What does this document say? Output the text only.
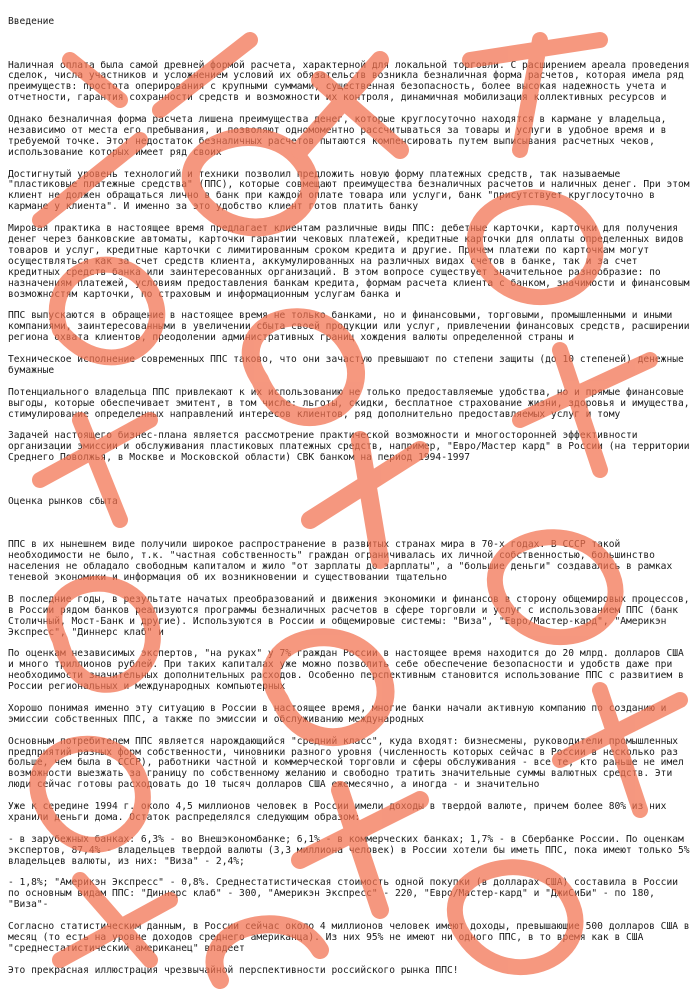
Введение

Наличная оплата была самой древней формой расчета, характерной для локальной торговли. С расширением ареала проведения сделок, числа участников и усложнением условий их обязательств возникла безналичная форма расчетов, которая имела ряд преимуществ: простота оперирования с крупными суммами, существенная безопасность, более высокая надежность учета и отчетности, гарантия сохранности средств и возможности их контроля, динамичная мобилизация коллективных ресурсов и

Однако безналичная форма расчета лишена преимущества денег, которые круглосуточно находятся в кармане у владельца, независимо от места его пребывания, и позволяют одномоментно рассчитываться за товары и услуги в удобное время и в требуемой точке. Этот недостаток безналичных расчетов пытаются компенсировать путем выписывания расчетных чеков, использование которых имеет ряд своих

Достигнутый уровень технологий и техники позволил предложить новую форму платежных средств, так называемые "пластиковые платежные средства" (ППС), которые совмещают преимущества безналичных расчетов и наличных денег. При этом клиент не должен обращаться лично в банк при каждой оплате товара или услуги, банк "присутствует круглосуточно в кармане у клиента". И именно за это удобство клиент готов платить банку

Мировая практика в настоящее время предлагает клиентам различные виды ППС: дебетные карточки, карточки для получения денег через банковские автоматы, карточки гарантии чековых платежей, кредитные карточки для оплаты определенных видов товаров и услуг, кредитные карточки с лимитированным сроком кредита и другие. Причем платежи по карточкам могут осуществляться как за счет средств клиента, аккумулированных на различных видах счетов в банке, так и за счет кредитных средств банка или заинтересованных организаций. В этом вопросе существует значительное разнообразие: по назначениям платежей, условиям предоставления банкам кредита, формам расчета клиента с банком, значимости и финансовым возможностям карточки, по страховым и информационным услугам банка и

ППС выпускаются в обращение в настоящее время не только банками, но и финансовыми, торговыми, промышленными и иными компаниями, заинтересованными в увеличении сбыта своей продукции или услуг, привлечении финансовых средств, расширении региона охвата клиентов, преодолении административных границ хождения валюты определенной страны и

Техническое исполнение современных ППС таково, что они зачастую превышают по степени защиты (до 10 степеней) денежные бумажные

Потенциального владельца ППС привлекают к их использованию не только предоставляемые удобства, но и прямые финансовые выгоды, которые обеспечивает эмитент, в том числе: льготы, скидки, бесплатное страхование жизни, здоровья и имущества, стимулирование определенных направлений интересов клиентов, ряд дополнительно предоставляемых услуг и тому

Задачей настоящего бизнес-плана является рассмотрение практической возможности и многосторонней эффективности организации эмиссии и обслуживания пластиковых платежных средств, например, "Евро/Мастер кард" в России (на территории Среднего Поволжья, в Москве и Московской области) СВК банком на период 1994-1997

Оценка рынков сбыта

ППС в их нынешнем виде получили широкое распространение в развитых странах мира в 70-х годах. В СССР такой необходимости не было, т.к. "частная собственность" граждан ограничивалась их личной собственностью, большинство населения не обладало свободным капиталом и жило "от зарплаты до зарплаты", а "большие деньги" создавались в рамках теневой экономики и информация об их возникновении и существовании тщательно

В последние годы, в результате начатых преобразований и движения экономики и финансов в сторону общемировых процессов, в России рядом банков реализуются программы безналичных расчетов в сфере торговли и услуг с использованием ППС (банк Столичный, Мост-Банк и другие). Используются в России и общемировые системы: "Виза", "Евро/Мастер-кард", "Америкэн Экспресс", "Диннерс клаб" и

По оценкам независимых экспертов, "на руках" у 7% граждан России в настоящее время находится до 20 млрд. долларов США и много триллионов рублей. При таких капиталах уже можно позволить себе обеспечение безопасности и удобств даже при необходимости значительных дополнительных расходов. Особенно перспективным становится использование ППС с развитием в России региональных и международных компьютерных

Хорошо понимая именно эту ситуацию в России в настоящее время, многие банки начали активную компанию по созданию и эмиссии собственных ППС, а также по эмиссии и обслуживанию международных

Основным потребителем ППС является нарождающийся "средний класс", куда входят: бизнесмены, руководители промышленных предприятий разных форм собственности, чиновники разного уровня (численность которых сейчас в России в несколько раз больше, чем была в СССР), работники частной и коммерческой торговли и сферы обслуживания - все те, кто раньше не имел возможности выезжать за границу по собственному желанию и свободно тратить значительные суммы валютных средств. Эти люди сейчас готовы расходовать до 10 тысяч долларов США ежемесячно, а иногда - и значительно

Уже к середине 1994 г. около 4,5 миллионов человек в России имели доходы в твердой валюте, причем более 80% из них хранили деньги дома. Остаток распределялся следующим образом:

- в зарубежных банках: 6,3% - во Внешэкономбанке; 6,1% - в коммерческих банках; 1,7% - в Сбербанке России. По оценкам экспертов, 87,4% - владельцев твердой валюты (3,3 миллиона человек) в России хотели бы иметь ППС, пока имеют только 5% владельцев валюты, из них: "Виза" - 2,4%;

- 1,8%; "Америкэн Экспресс" - 0,8%. Среднестатистическая стоимость одной покупки (в долларах США) составила в России по основным видам ППС: "Диннерс клаб" - 300, "Америкэн Экспресс" - 220, "Евро/Мастер-кард" и "ДжиСиБи" - по 180, "Виза"-

Согласно статистическим данным, в России сейчас около 4 миллионов человек имеют доходы, превышающие 500 долларов США в месяц (то есть на уровне доходов среднего американца). Из них 95% не имеют ни одного ППС, в то время как в США "среднестатистический американец" владеет

Это прекрасная иллюстрация чрезвычайной перспективности российского рынка ППС!
